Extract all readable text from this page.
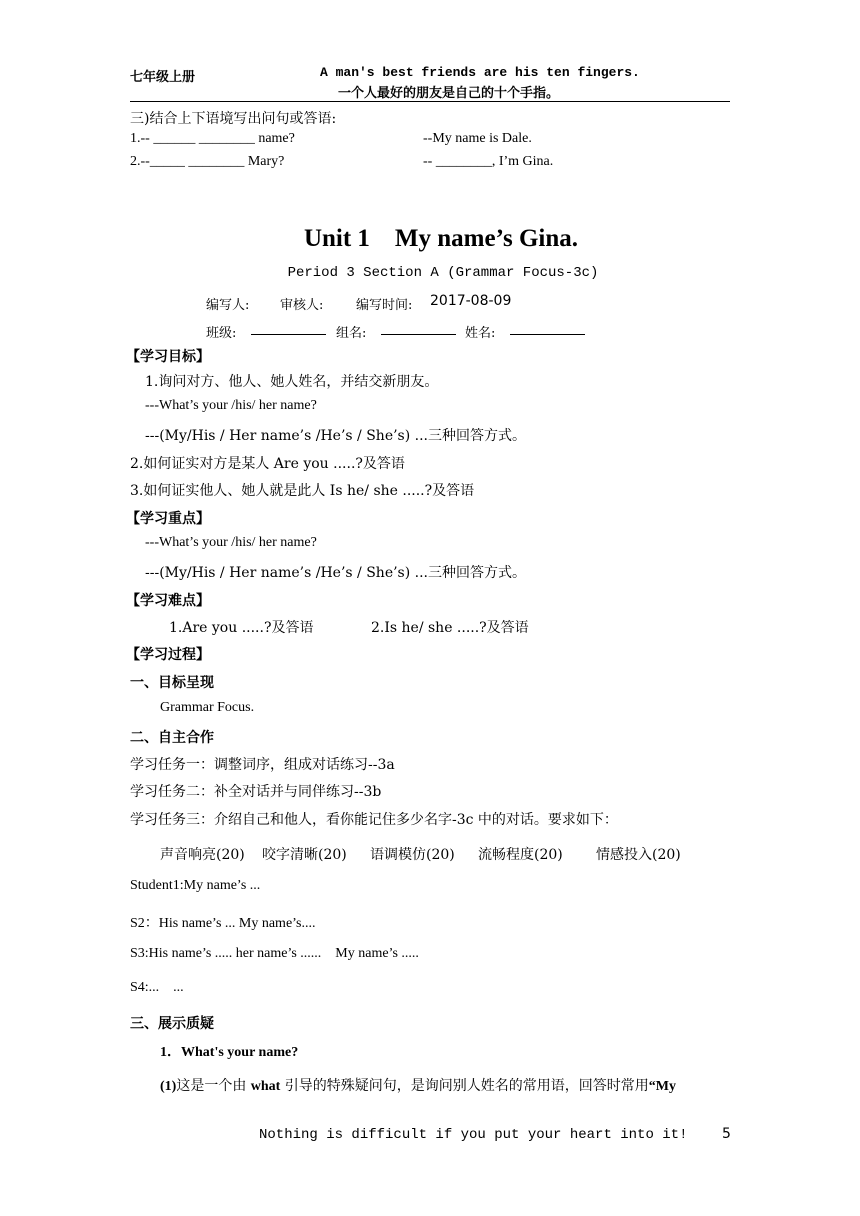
七年级上册	A man's best friends are his ten fingers.
一个人最好的朋友是自己的十个手指。
三)结合上下语境写出问句或答语:
1.-- ______ ________ name?	--My name is Dale.
2.--_____ ________ Mary?	-- ________, I’m Gina.
Unit 1    My name’s Gina.
Period 3 Section A (Grammar Focus-3c)
编写人: 审核人:	编写时间: 2017-08-09
班级:	组名:	姓名:
【学习目标】
1.询问对方、他人、她人姓名，并结交新朋友。
---What’s your /his/ her name?
---(My/His / Her name’s /He’s / She’s) ...三种回答方式。
2.如何证实对方是某人 Are you .....?及答语
3.如何证实他人、她人就是此人 Is he/ she .....?及答语
【学习重点】
---What’s your /his/ her name?
---(My/His / Her name’s /He’s / She’s) ...三种回答方式。
【学习难点】
1.Are you .....?及答语	2.Is he/ she .....?及答语
【学习过程】
一、目标呈现
Grammar Focus.
二、自主合作
学习任务一：调整词序，组成对话练习--3a
学习任务二：补全对话并与同伴练习--3b
学习任务三：介绍自己和他人，看你能记住多少名字-3c 中的对话。要求如下：
声音响亮(20) 咬字清晰(20) 语调模仿(20) 流畅程度(20) 情感投入(20)
Student1:My name’s ...
S2：His name’s ... My name’s....
S3:His name’s ..... her name’s ......    My name’s .....
S4:...    ...
三、展示质疑
1．What's your name?
(1)这是一个由 what 引导的特殊疑问句，是询问别人姓名的常用语，回答时常用“My
Nothing is difficult if you put your heart into it! 5
